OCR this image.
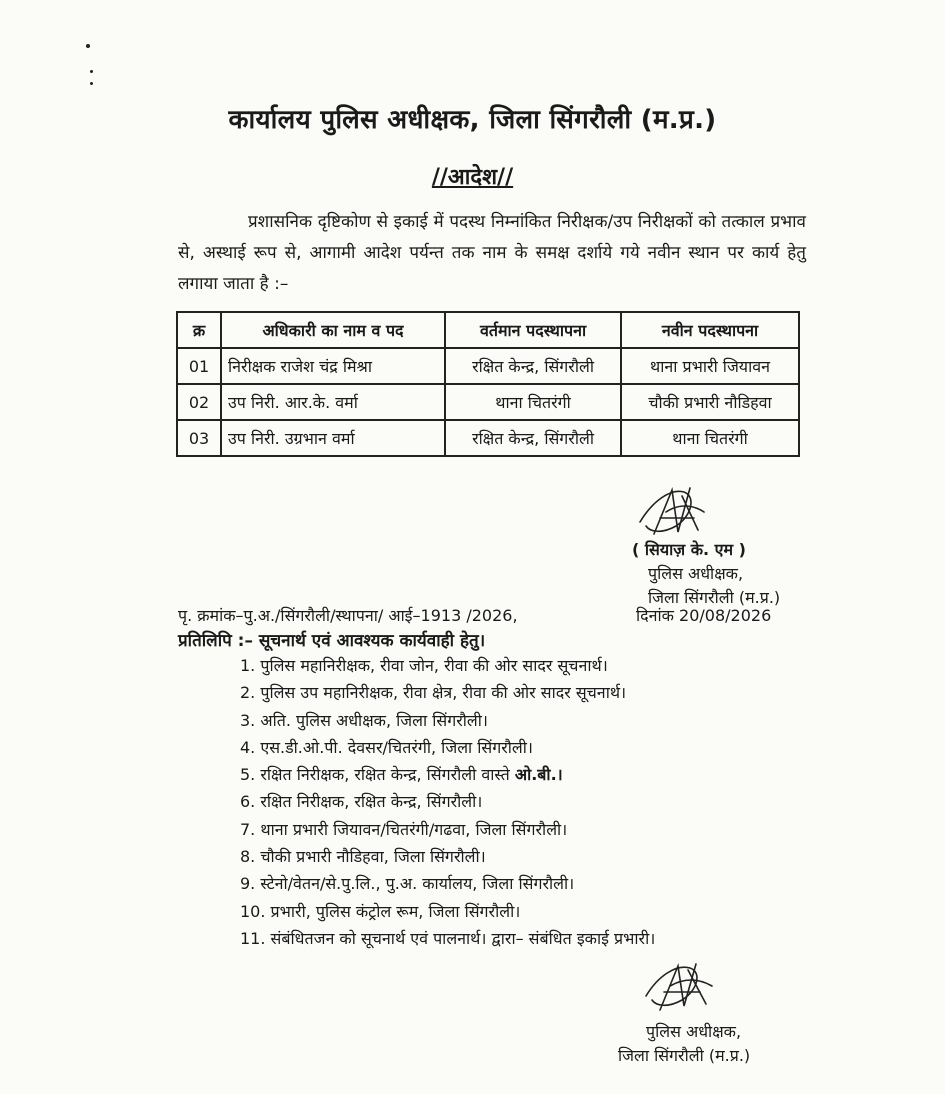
कार्यालय पुलिस अधीक्षक, जिला सिंगरौली (म.प्र.)
//आदेश//

प्रशासनिक दृष्टिकोण से इकाई में पदस्थ निम्नांकित निरीक्षक/उप निरीक्षकों को तत्काल प्रभाव से, अस्थाई रूप से, आगामी आदेश पर्यन्त तक नाम के समक्ष दर्शाये गये नवीन स्थान पर कार्य हेतु लगाया जाता है :–

क्र	अधिकारी का नाम व पद	वर्तमान पदस्थापना	नवीन पदस्थापना
01	निरीक्षक राजेश चंद्र मिश्रा	रक्षित केन्द्र, सिंगरौली	थाना प्रभारी जियावन
02	उप निरी. आर.के. वर्मा	थाना चितरंगी	चौकी प्रभारी नौडिहवा
03	उप निरी. उग्रभान वर्मा	रक्षित केन्द्र, सिंगरौली	थाना चितरंगी
( सियाज़ के. एम )
पुलिस अधीक्षक,
जिला सिंगरौली (म.प्र.)
पृ. क्रमांक–पु.अ./सिंगरौली/स्थापना/ आई–1913 /2026,	दिनांक 20/08/2026
प्रतिलिपि :– सूचनार्थ एवं आवश्यक कार्यवाही हेतु।
1. पुलिस महानिरीक्षक, रीवा जोन, रीवा की ओर सादर सूचनार्थ।
2. पुलिस उप महानिरीक्षक, रीवा क्षेत्र, रीवा की ओर सादर सूचनार्थ।
3. अति. पुलिस अधीक्षक, जिला सिंगरौली।
4. एस.डी.ओ.पी. देवसर/चितरंगी, जिला सिंगरौली।
5. रक्षित निरीक्षक, रक्षित केन्द्र, सिंगरौली वास्ते ओ.बी.।
6. रक्षित निरीक्षक, रक्षित केन्द्र, सिंगरौली।
7. थाना प्रभारी जियावन/चितरंगी/गढवा, जिला सिंगरौली।
8. चौकी प्रभारी नौडिहवा, जिला सिंगरौली।
9. स्टेनो/वेतन/से.पु.लि., पु.अ. कार्यालय, जिला सिंगरौली।
10. प्रभारी, पुलिस कंट्रोल रूम, जिला सिंगरौली।
11. संबंधितजन को सूचनार्थ एवं पालनार्थ। द्वारा– संबंधित इकाई प्रभारी।
पुलिस अधीक्षक,
जिला सिंगरौली (म.प्र.)
